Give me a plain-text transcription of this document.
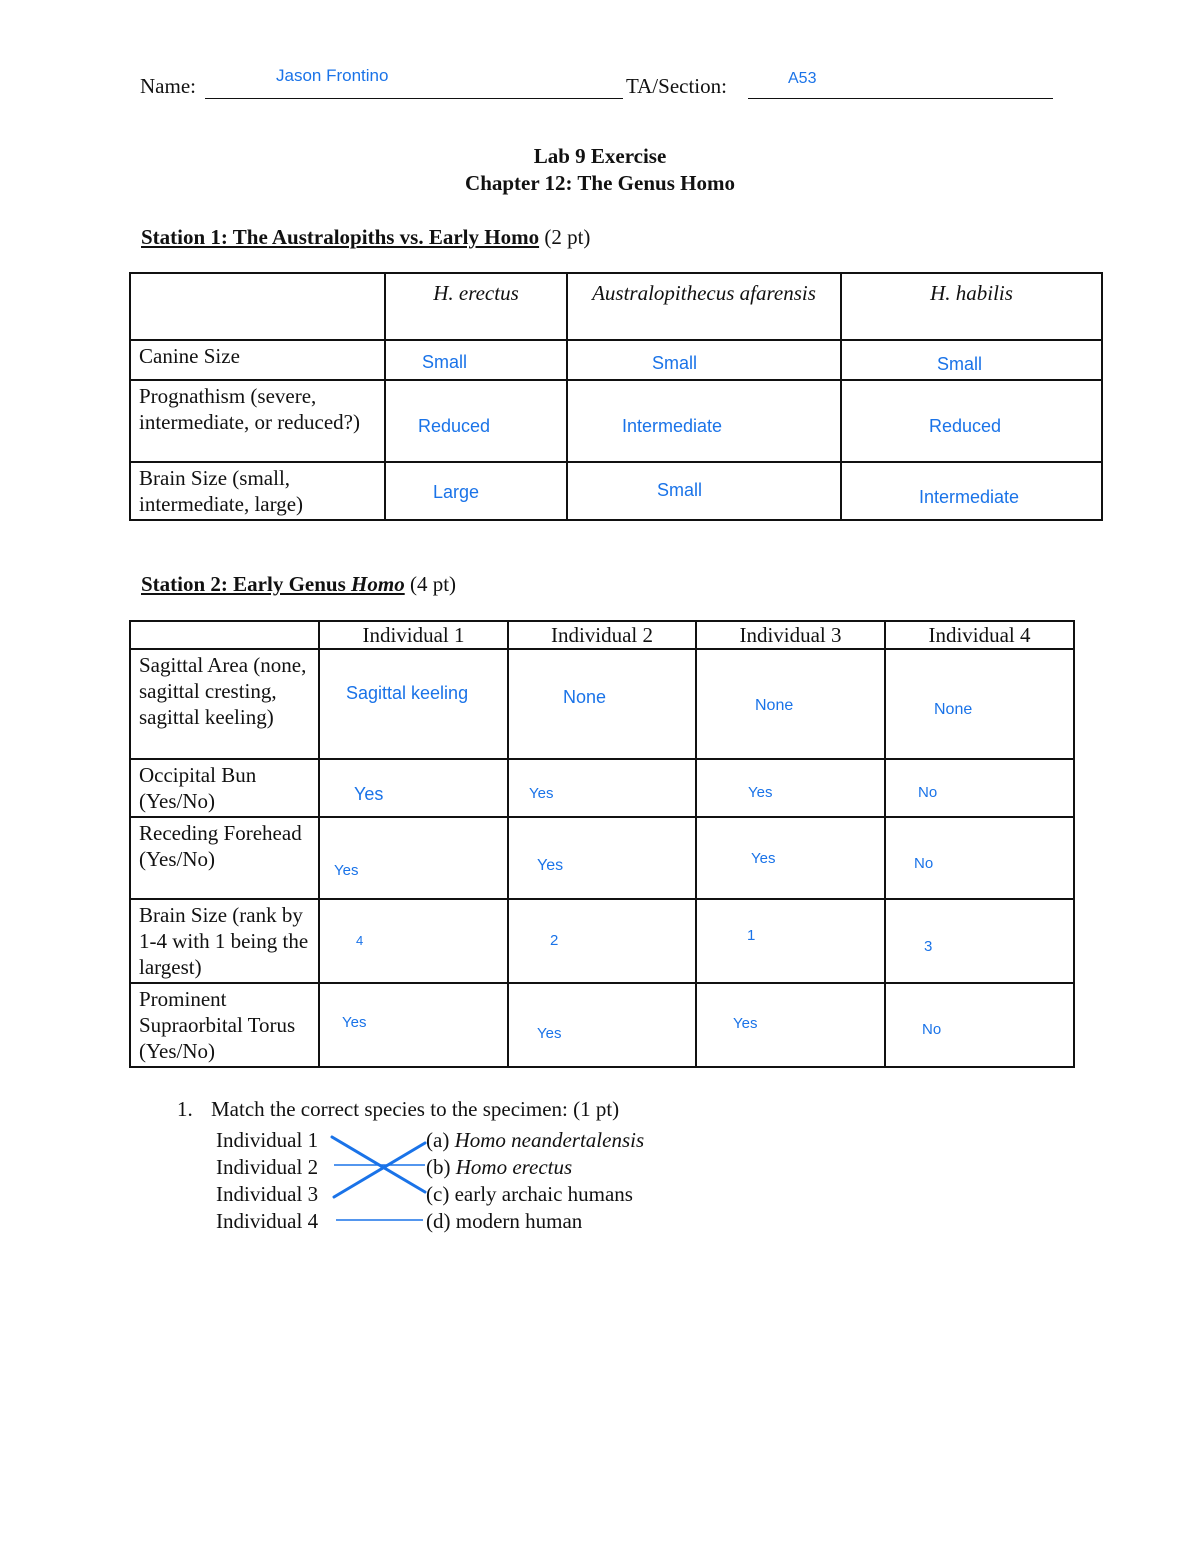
Name:	Jason Frontino	TA/Section:	A53
Lab 9 Exercise
Chapter 12: The Genus Homo
Station 1: The Australopiths vs. Early Homo (2 pt)

	H. erectus	Australopithecus afarensis	H. habilis

Canine Size	Small	Small	Small

Prognathism (severe, intermediate, or reduced?)	Reduced	Intermediate	Reduced

Brain Size (small, intermediate, large)	Large	Small	Intermediate
Station 2: Early Genus Homo (4 pt)

	Individual 1	Individual 2	Individual 3	Individual 4

Sagittal Area (none, sagittal cresting, sagittal keeling)	Sagittal keeling	None	None	None

Occipital Bun (Yes/No)	Yes	Yes	Yes	No

Receding Forehead (Yes/No)	Yes	Yes	Yes	No

Brain Size (rank by 1-4 with 1 being the largest)	4	2	1	3

Prominent Supraorbital Torus (Yes/No)	Yes	Yes	Yes	No
1. Match the correct species to the specimen: (1 pt)
Individual 1
Individual 2
Individual 3
Individual 4
(a) Homo neandertalensis
(b) Homo erectus
(c) early archaic humans
(d) modern human
